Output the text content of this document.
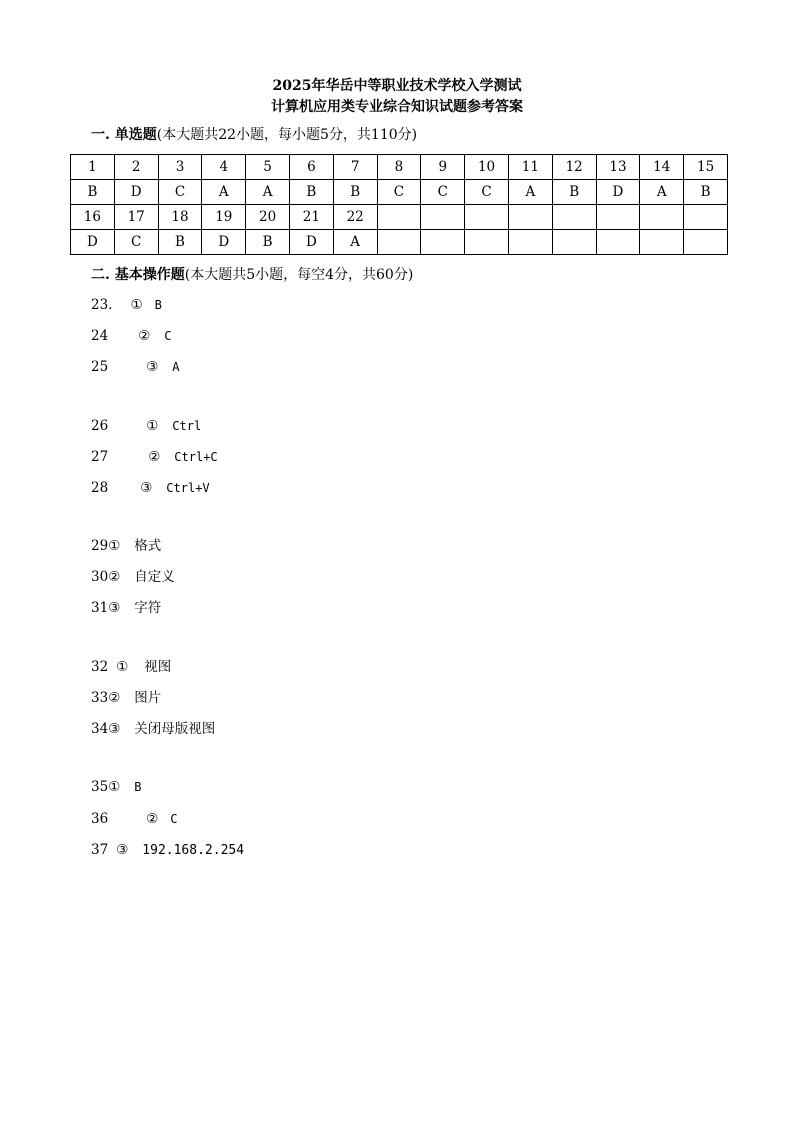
2025年华岳中等职业技术学校入学测试
计算机应用类专业综合知识试题参考答案
一. 单选题(本大题共22小题，每小题5分，共110分)
1	2	3	4	5	6	7	8	9	10	11	12	13	14	15
B	D	C	A	A	B	B	C	C	C	A	B	D	A	B
16	17	18	19	20	21	22								
D	C	B	D	B	D	A								
二. 基本操作题(本大题共5小题，每空4分，共60分)
23. ① B
24 ② C
25	③ A
26	① Ctrl
27	② Ctrl+C
28 ③ Ctrl+V
29① 格式
30② 自定义
31③ 字符
32 ① 视图
33② 图片
34③ 关闭母版视图
35① B
36	② C
37 ③ 192.168.2.254
